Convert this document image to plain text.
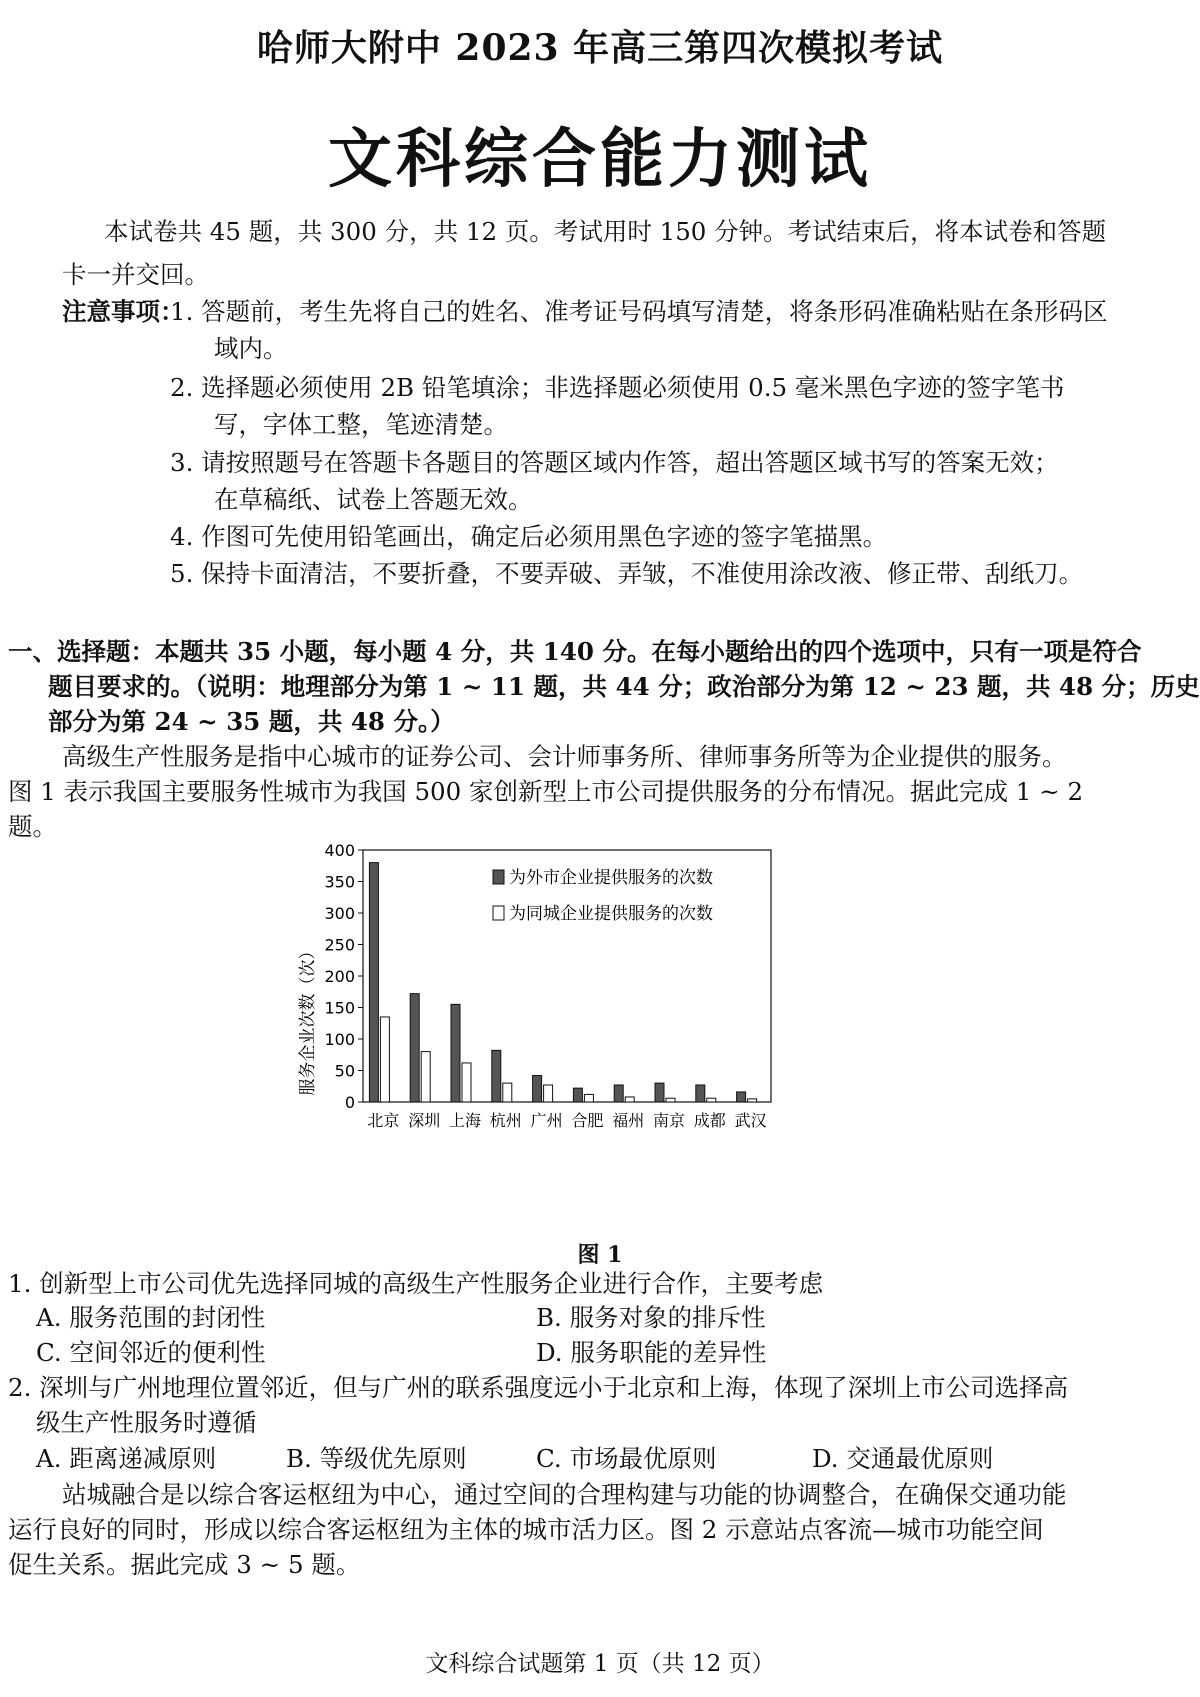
哈师大附中 2023 年高三第四次模拟考试
文科综合能力测试
本试卷共 45 题，共 300 分，共 12 页。考试用时 150 分钟。考试结束后，将本试卷和答题
卡一并交回。
注意事项：
1. 答题前，考生先将自己的姓名、准考证号码填写清楚，将条形码准确粘贴在条形码区
域内。
2. 选择题必须使用 2B 铅笔填涂；非选择题必须使用 0.5 毫米黑色字迹的签字笔书
写，字体工整，笔迹清楚。
3. 请按照题号在答题卡各题目的答题区域内作答，超出答题区域书写的答案无效；
在草稿纸、试卷上答题无效。
4. 作图可先使用铅笔画出，确定后必须用黑色字迹的签字笔描黑。
5. 保持卡面清洁，不要折叠，不要弄破、弄皱，不准使用涂改液、修正带、刮纸刀。
一、选择题：本题共 35 小题，每小题 4 分，共 140 分。在每小题给出的四个选项中，只有一项是符合
题目要求的。（说明：地理部分为第 1 ~ 11 题，共 44 分；政治部分为第 12 ~ 23 题，共 48 分；历史
部分为第 24 ~ 35 题，共 48 分。）
高级生产性服务是指中心城市的证券公司、会计师事务所、律师事务所等为企业提供的服务。
图 1 表示我国主要服务性城市为我国 500 家创新型上市公司提供服务的分布情况。据此完成 1 ~ 2
题。
0
50
100
150
200
250
300
350
400
北京 深圳 上海 杭州 广州 合肥 福州 南京 成都 武汉
为外市企业提供服务的次数
为同城企业提供服务的次数
服务企业次数（次）
图 1
1. 创新型上市公司优先选择同城的高级生产性服务企业进行合作，主要考虑
A. 服务范围的封闭性	B. 服务对象的排斥性
C. 空间邻近的便利性	D. 服务职能的差异性
2. 深圳与广州地理位置邻近，但与广州的联系强度远小于北京和上海，体现了深圳上市公司选择高
级生产性服务时遵循
A. 距离递减原则	B. 等级优先原则	C. 市场最优原则	D. 交通最优原则
站城融合是以综合客运枢纽为中心，通过空间的合理构建与功能的协调整合，在确保交通功能
运行良好的同时，形成以综合客运枢纽为主体的城市活力区。图 2 示意站点客流—城市功能空间
促生关系。据此完成 3 ~ 5 题。
文科综合试题第 1 页（共 12 页）
